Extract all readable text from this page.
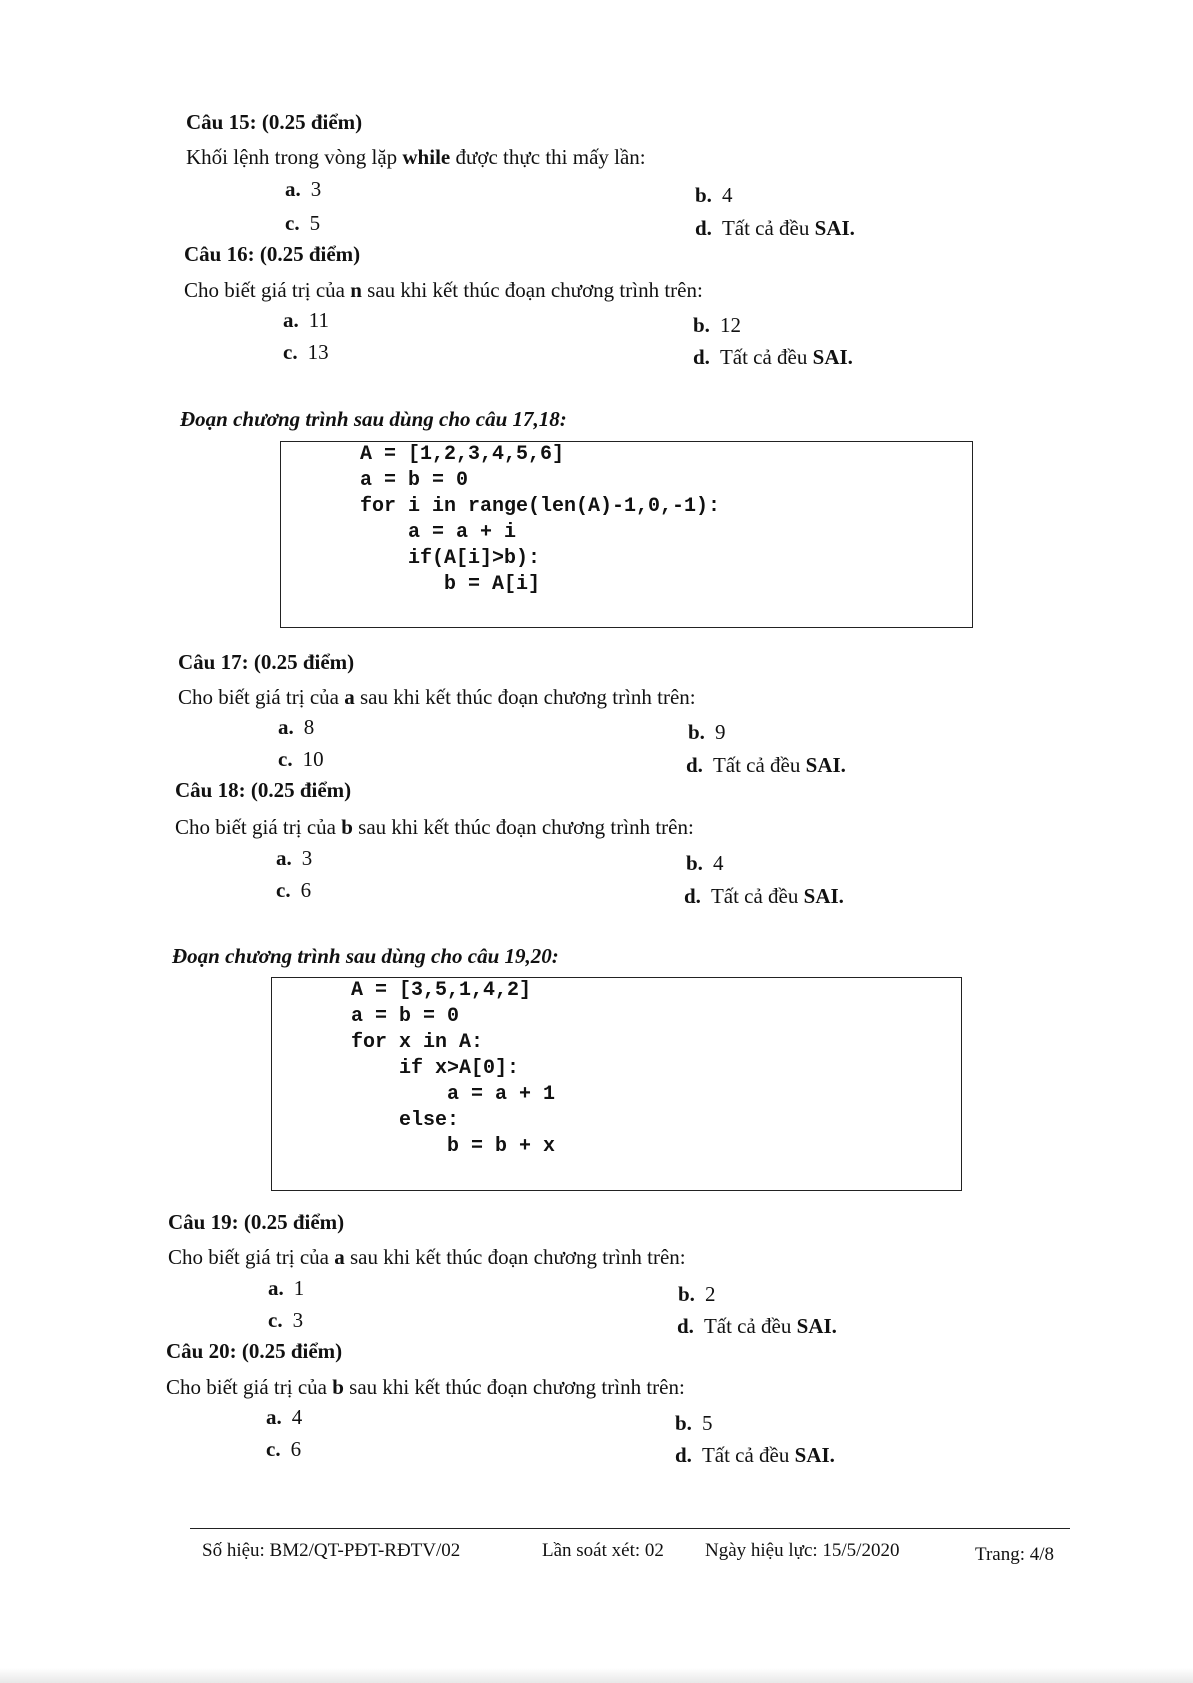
Câu 15: (0.25 điểm)
Khối lệnh trong vòng lặp while được thực thi mấy lần:
a. 3	b. 4
c. 5	d. Tất cả đều SAI.
Câu 16: (0.25 điểm)
Cho biết giá trị của n sau khi kết thúc đoạn chương trình trên:
a. 11	b. 12
c. 13	d. Tất cả đều SAI.
Đoạn chương trình sau dùng cho câu 17,18:
A = [1,2,3,4,5,6]
a = b = 0
for i in range(len(A)-1,0,-1):
a = a + i
if(A[i]>b):
b = A[i]
Câu 17: (0.25 điểm)
Cho biết giá trị của a sau khi kết thúc đoạn chương trình trên:
a. 8	b. 9
c. 10	d. Tất cả đều SAI.
Câu 18: (0.25 điểm)
Cho biết giá trị của b sau khi kết thúc đoạn chương trình trên:
a. 3	b. 4
c. 6	d. Tất cả đều SAI.
Đoạn chương trình sau dùng cho câu 19,20:
A = [3,5,1,4,2]
a = b = 0
for x in A:
if x>A[0]:
a = a + 1
else:
b = b + x
Câu 19: (0.25 điểm)
Cho biết giá trị của a sau khi kết thúc đoạn chương trình trên:
a. 1	b. 2
c. 3	d. Tất cả đều SAI.
Câu 20: (0.25 điểm)
Cho biết giá trị của b sau khi kết thúc đoạn chương trình trên:
a. 4	b. 5
c. 6	d. Tất cả đều SAI.
Số hiệu: BM2/QT-PĐT-RĐTV/02	Lần soát xét: 02 Ngày hiệu lực: 15/5/2020	Trang: 4/8
